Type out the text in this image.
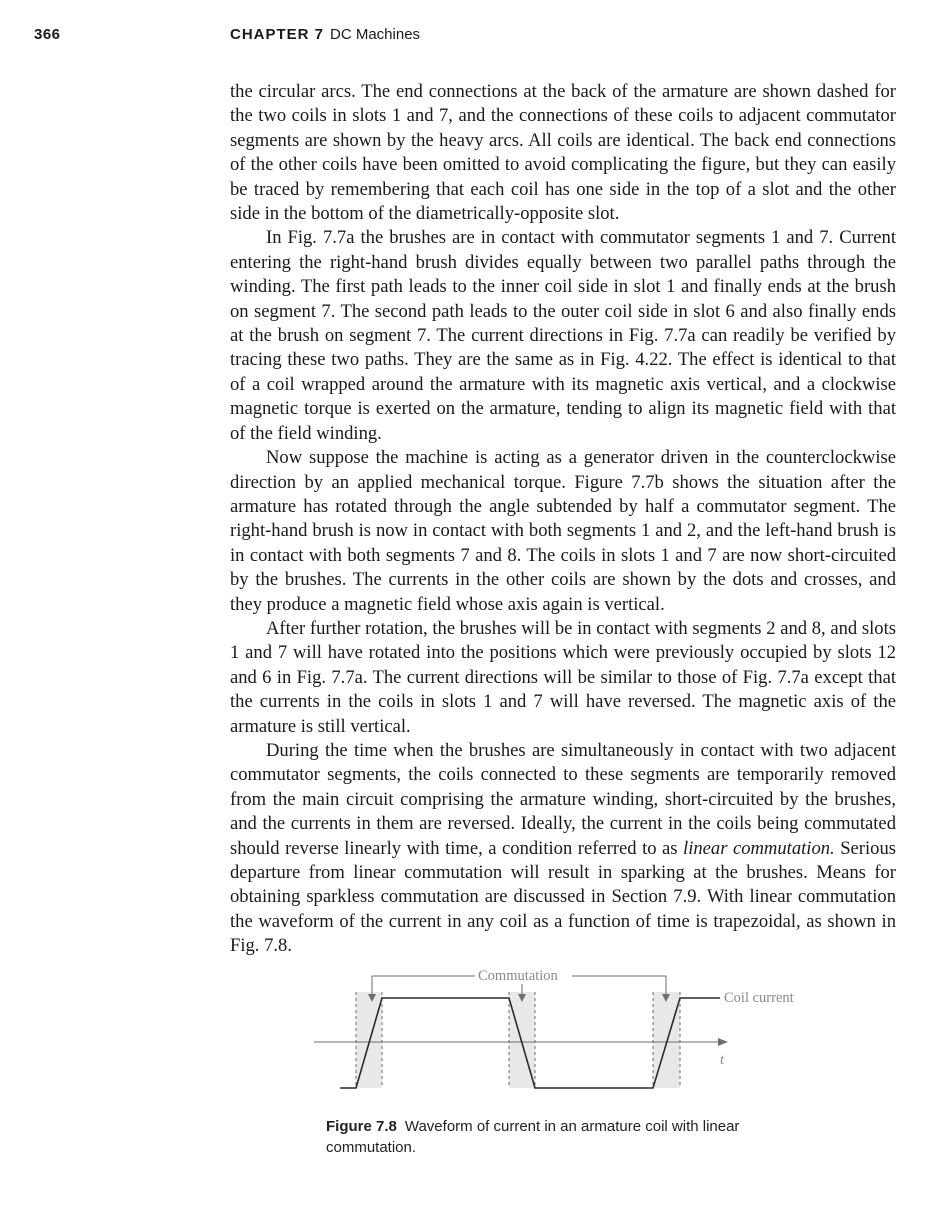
366	CHAPTER 7 DC Machines

the circular arcs. The end connections at the back of the armature are shown dashed for the two coils in slots 1 and 7, and the connections of these coils to adjacent commutator segments are shown by the heavy arcs. All coils are identical. The back end connections of the other coils have been omitted to avoid complicating the figure, but they can easily be traced by remembering that each coil has one side in the top of a slot and the other side in the bottom of the diametrically-opposite slot.

In Fig. 7.7a the brushes are in contact with commutator segments 1 and 7. Current entering the right-hand brush divides equally between two parallel paths through the winding. The first path leads to the inner coil side in slot 1 and finally ends at the brush on segment 7. The second path leads to the outer coil side in slot 6 and also finally ends at the brush on segment 7. The current directions in Fig. 7.7a can readily be verified by tracing these two paths. They are the same as in Fig. 4.22. The effect is identical to that of a coil wrapped around the armature with its magnetic axis vertical, and a clockwise magnetic torque is exerted on the armature, tending to align its magnetic field with that of the field winding.

Now suppose the machine is acting as a generator driven in the counterclockwise direction by an applied mechanical torque. Figure 7.7b shows the situation after the armature has rotated through the angle subtended by half a commutator segment. The right-hand brush is now in contact with both segments 1 and 2, and the left-hand brush is in contact with both segments 7 and 8. The coils in slots 1 and 7 are now short-circuited by the brushes. The currents in the other coils are shown by the dots and crosses, and they produce a magnetic field whose axis again is vertical.

After further rotation, the brushes will be in contact with segments 2 and 8, and slots 1 and 7 will have rotated into the positions which were previously occupied by slots 12 and 6 in Fig. 7.7a. The current directions will be similar to those of Fig. 7.7a except that the currents in the coils in slots 1 and 7 will have reversed. The magnetic axis of the armature is still vertical.

During the time when the brushes are simultaneously in contact with two adjacent commutator segments, the coils connected to these segments are temporarily removed from the main circuit comprising the armature winding, short-circuited by the brushes, and the currents in them are reversed. Ideally, the current in the coils being commutated should reverse linearly with time, a condition referred to as linear commutation. Serious departure from linear commutation will result in sparking at the brushes. Means for obtaining sparkless commutation are discussed in Section 7.9. With linear commutation the waveform of the current in any coil as a function of time is trapezoidal, as shown in Fig. 7.8.

Commutation
Coil current
t
Figure 7.8 Waveform of current in an armature coil with linear commutation.
